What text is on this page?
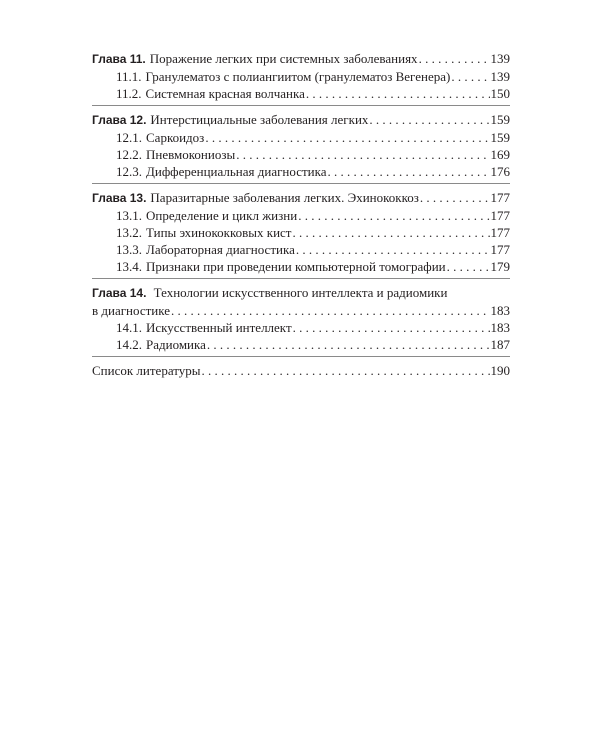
Глава 11. Поражение легких при системных заболеваниях . . .	139
11.1. Гранулематоз с полиангиитом (гранулематоз Вегенера) . . .	139
11.2. Системная красная волчанка . . .	150
Глава 12. Интерстициальные заболевания легких . . .	159
12.1. Саркоидоз . . .	159
12.2. Пневмокониозы . . .	169
12.3. Дифференциальная диагностика . . .	176
Глава 13. Паразитарные заболевания легких. Эхинококкоз . . .	177
13.1. Определение и цикл жизни . . .	177
13.2. Типы эхинококковых кист . . .	177
13.3. Лабораторная диагностика . . .	177
13.4. Признаки при проведении компьютерной томографии . . .	179
Глава 14. Технологии искусственного интеллекта и радиомики
в диагностике . . .	183
14.1. Искусственный интеллект . . .	183
14.2. Радиомика . . .	187
Список литературы . . .	190
